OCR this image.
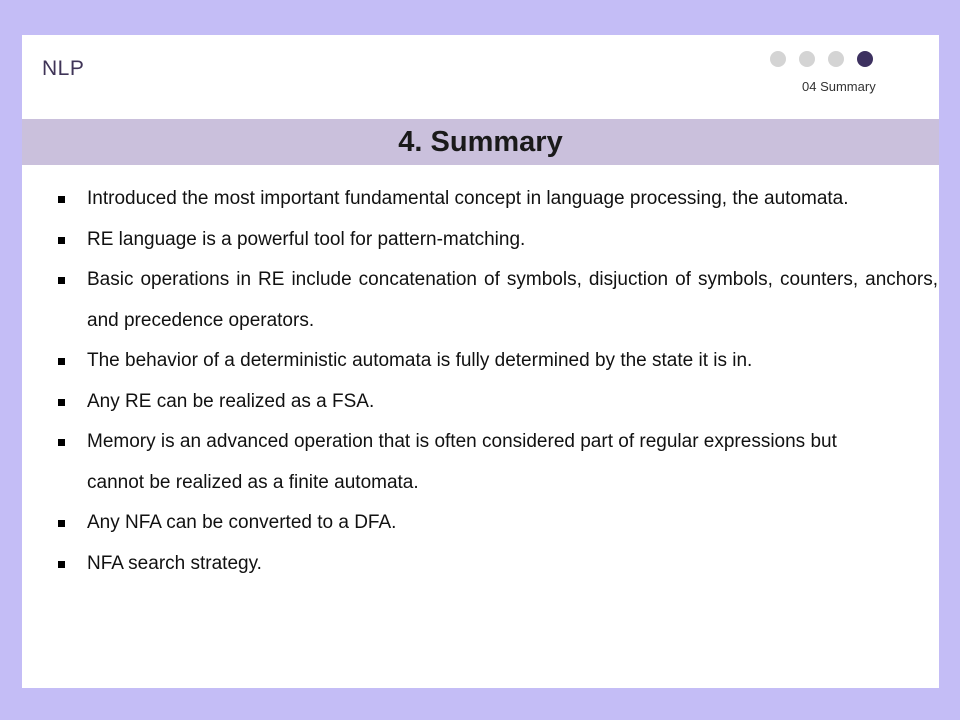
NLP
04 Summary
4. Summary
Introduced the most important fundamental concept in language processing, the automata.
RE language is a powerful tool for pattern-matching.
Basic operations in RE include concatenation of symbols, disjuction of symbols, counters, anchors, and precedence operators.
The behavior of a deterministic automata is fully determined by the state it is in.
Any RE can be realized as a FSA.
Memory is an advanced operation that is often considered part of regular expressions but cannot be realized as a finite automata.
Any NFA can be converted to a DFA.
NFA search strategy.
